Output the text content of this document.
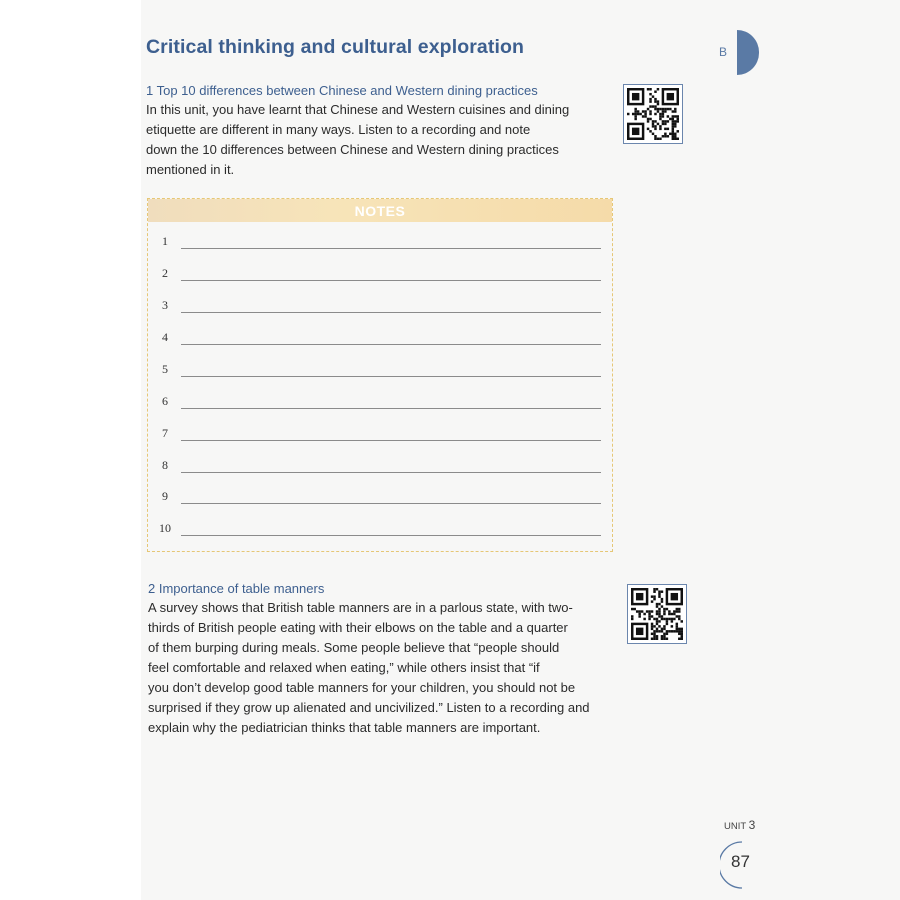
Critical thinking and cultural exploration	B
1 Top 10 differences between Chinese and Western dining practices
In this unit, you have learnt that Chinese and Western cuisines and dining
etiquette are different in many ways. Listen to a recording and note
down the 10 differences between Chinese and Western dining practices
mentioned in it.
NOTES
1
2
3
4
5
6
7
8
9
10
2 Importance of table manners
A survey shows that British table manners are in a parlous state, with two-
thirds of British people eating with their elbows on the table and a quarter
of them burping during meals. Some people believe that “people should
feel comfortable and relaxed when eating,” while others insist that “if
you don’t develop good table manners for your children, you should not be
surprised if they grow up alienated and uncivilized.” Listen to a recording and
explain why the pediatrician thinks that table manners are important.
UNIT 3
87
